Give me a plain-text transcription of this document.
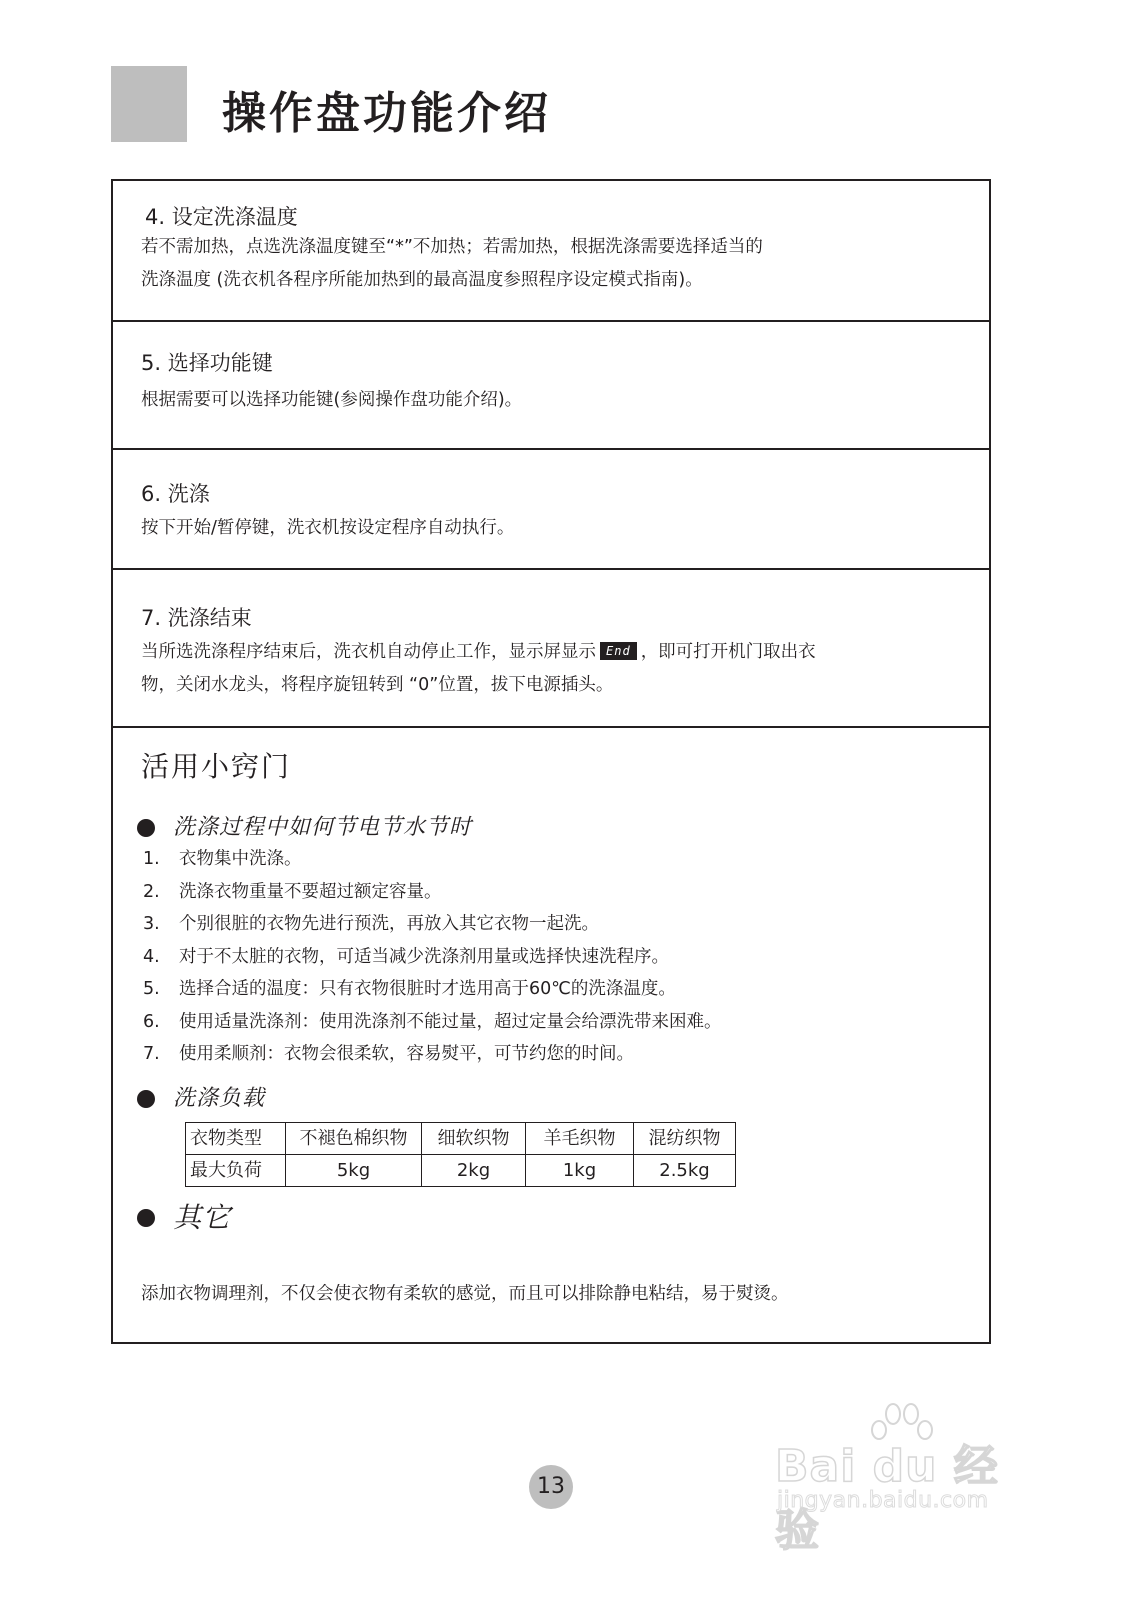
操作盘功能介绍
4. 设定洗涤温度
若不需加热，点选洗涤温度键至“*”不加热；若需加热，根据洗涤需要选择适当的
洗涤温度 (洗衣机各程序所能加热到的最高温度参照程序设定模式指南)。
5. 选择功能键
根据需要可以选择功能键(参阅操作盘功能介绍)。
6. 洗涤
按下开始/暂停键，洗衣机按设定程序自动执行。
7. 洗涤结束
当所选洗涤程序结束后，洗衣机自动停止工作，显示屏显示 End ，即可打开机门取出衣
物，关闭水龙头，将程序旋钮转到 “0”位置，拔下电源插头。
活用小窍门
洗涤过程中如何节电节水节时
1.	衣物集中洗涤。
2.	洗涤衣物重量不要超过额定容量。
3.	个别很脏的衣物先进行预洗，再放入其它衣物一起洗。
4.	对于不太脏的衣物，可适当减少洗涤剂用量或选择快速洗程序。
5.	选择合适的温度：只有衣物很脏时才选用高于60℃的洗涤温度。
6.	使用适量洗涤剂：使用洗涤剂不能过量，超过定量会给漂洗带来困难。
7.	使用柔顺剂：衣物会很柔软，容易熨平，可节约您的时间。
洗涤负载
衣物类型	不褪色棉织物	细软织物	羊毛织物	混纺织物
最大负荷	5kg	2kg	1kg	2.5kg
其它
添加衣物调理剂，不仅会使衣物有柔软的感觉，而且可以排除静电粘结，易于熨烫。
13	Bai du 经验
jingyan.baidu.com
